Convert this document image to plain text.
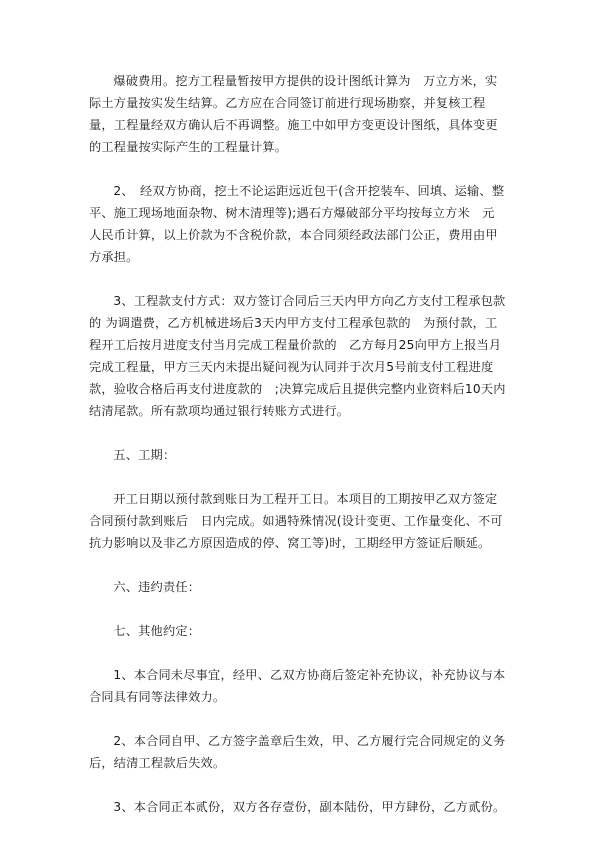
爆破费用。挖方工程量暂按甲方提供的设计图纸计算为　万立方米，实际土方量按实发生结算。乙方应在合同签订前进行现场勘察，并复核工程量，工程量经双方确认后不再调整。施工中如甲方变更设计图纸，具体变更的工程量按实际产生的工程量计算。

2、　经双方协商，挖土不论运距远近包干(含开挖装车、回填、运输、整平、施工现场地面杂物、树木清理等);遇石方爆破部分平均按每立方米　元人民币计算，以上价款为不含税价款，本合同须经政法部门公正，费用由甲方承担。

3、工程款支付方式：双方签订合同后三天内甲方向乙方支付工程承包款的 为调遣费，乙方机械进场后3天内甲方支付工程承包款的　为预付款，工程开工后按月进度支付当月完成工程量价款的　乙方每月25向甲方上报当月完成工程量，甲方三天内未提出疑问视为认同并于次月5号前支付工程进度款，验收合格后再支付进度款的　;决算完成后且提供完整内业资料后10天内结清尾款。所有款项均通过银行转账方式进行。

五、工期：

开工日期以预付款到账日为工程开工日。本项目的工期按甲乙双方签定合同预付款到账后　日内完成。如遇特殊情况(设计变更、工作量变化、不可抗力影响以及非乙方原因造成的停、窝工等)时，工期经甲方签证后顺延。

六、违约责任：

七、其他约定：

1、本合同未尽事宜，经甲、乙双方协商后签定补充协议，补充协议与本合同具有同等法律效力。

2、本合同自甲、乙方签字盖章后生效，甲、乙方履行完合同规定的义务后，结清工程款后失效。

3、本合同正本贰份，双方各存壹份，副本陆份，甲方肆份，乙方贰份。
